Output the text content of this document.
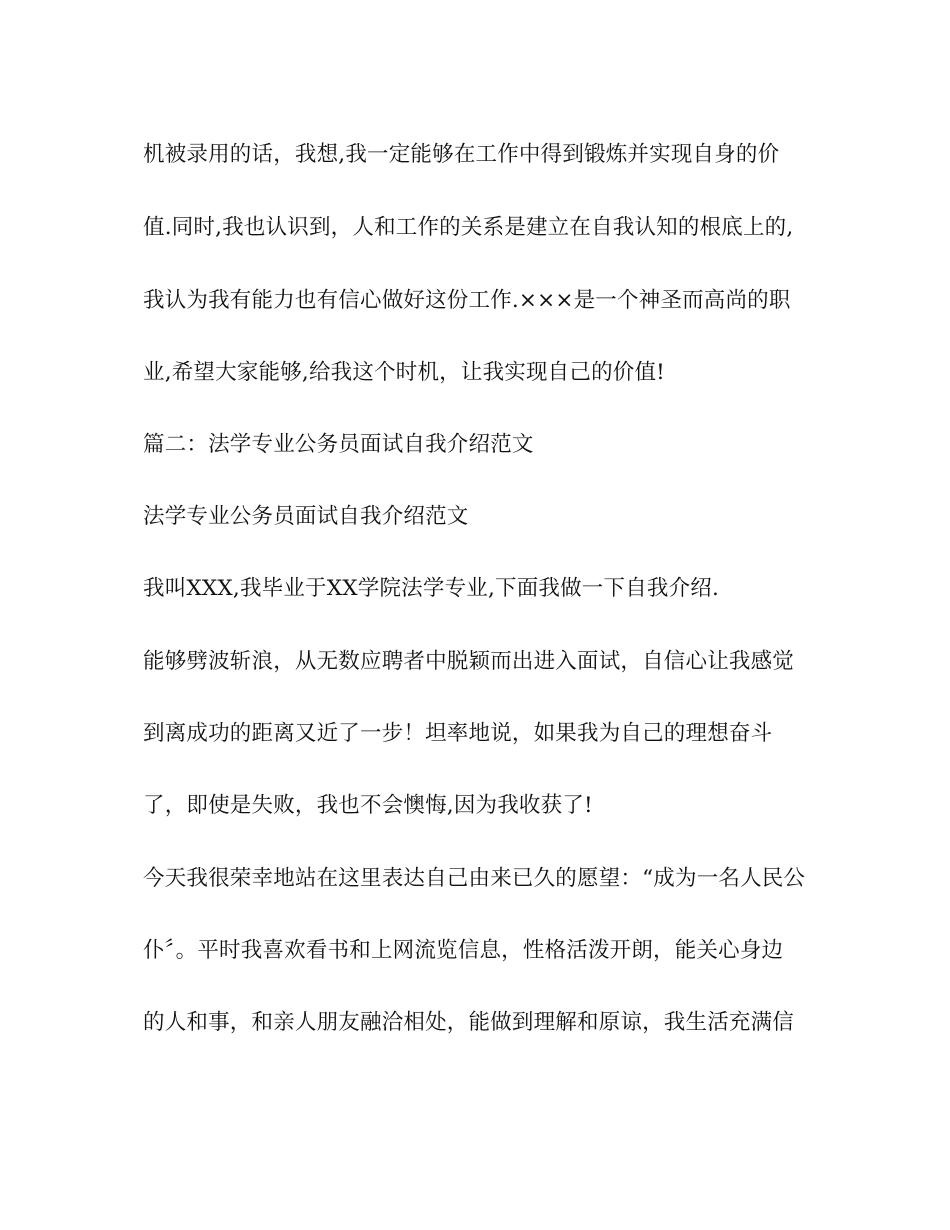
机被录用的话，我想,我一定能够在工作中得到锻炼并实现自身的价

值.同时,我也认识到，人和工作的关系是建立在自我认知的根底上的,

我认为我有能力也有信心做好这份工作.×××是一个神圣而高尚的职

业,希望大家能够,给我这个时机，让我实现自己的价值!

篇二：法学专业公务员面试自我介绍范文

法学专业公务员面试自我介绍范文

我叫XXX,我毕业于XX学院法学专业,下面我做一下自我介绍.

能够劈波斩浪，从无数应聘者中脱颖而出进入面试，自信心让我感觉

到离成功的距离又近了一步！坦率地说，如果我为自己的理想奋斗

了，即使是失败，我也不会懊悔,因为我收获了!

今天我很荣幸地站在这里表达自己由来已久的愿望：“成为一名人民公

仆〞。平时我喜欢看书和上网流览信息，性格活泼开朗，能关心身边

的人和事，和亲人朋友融洽相处，能做到理解和原谅，我生活充满信
